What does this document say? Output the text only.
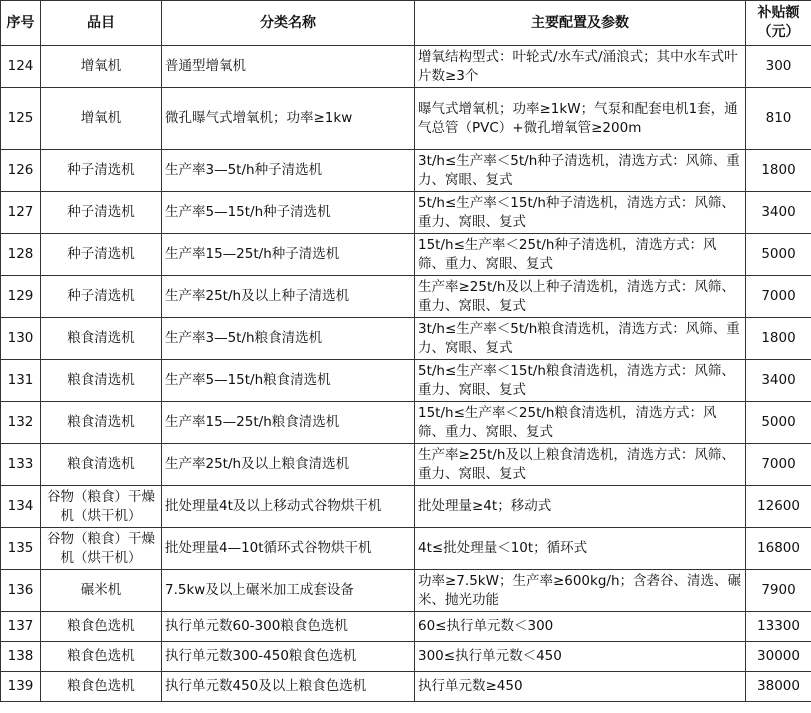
序号	品目	分类名称	主要配置及参数	补贴额（元）
124	增氧机	普通型增氧机	增氧结构型式：叶轮式/水车式/涌浪式；其中水车式叶片数≥3个	300
125	增氧机	微孔曝气式增氧机；功率≥1kw	曝气式增氧机；功率≥1kW；气泵和配套电机1套，通气总管（PVC）+微孔增氧管≥200m	810
126	种子清选机	生产率3—5t/h种子清选机	3t/h≤生产率＜5t/h种子清选机，清选方式：风筛、重力、窝眼、复式	1800
127	种子清选机	生产率5—15t/h种子清选机	5t/h≤生产率＜15t/h种子清选机，清选方式：风筛、重力、窝眼、复式	3400
128	种子清选机	生产率15—25t/h种子清选机	15t/h≤生产率＜25t/h种子清选机，清选方式：风筛、重力、窝眼、复式	5000
129	种子清选机	生产率25t/h及以上种子清选机	生产率≥25t/h及以上种子清选机，清选方式：风筛、重力、窝眼、复式	7000
130	粮食清选机	生产率3—5t/h粮食清选机	3t/h≤生产率＜5t/h粮食清选机，清选方式：风筛、重力、窝眼、复式	1800
131	粮食清选机	生产率5—15t/h粮食清选机	5t/h≤生产率＜15t/h粮食清选机，清选方式：风筛、重力、窝眼、复式	3400
132	粮食清选机	生产率15—25t/h粮食清选机	15t/h≤生产率＜25t/h粮食清选机，清选方式：风筛、重力、窝眼、复式	5000
133	粮食清选机	生产率25t/h及以上粮食清选机	生产率≥25t/h及以上粮食清选机，清选方式：风筛、重力、窝眼、复式	7000
134	谷物（粮食）干燥机（烘干机）	批处理量4t及以上移动式谷物烘干机	批处理量≥4t；移动式	12600
135	谷物（粮食）干燥机（烘干机）	批处理量4—10t循环式谷物烘干机	4t≤批处理量＜10t；循环式	16800
136	碾米机	7.5kw及以上碾米加工成套设备	功率≥7.5kW；生产率≥600kg/h；含砻谷、清选、碾米、抛光功能	7900
137	粮食色选机	执行单元数60-300粮食色选机	60≤执行单元数＜300	13300
138	粮食色选机	执行单元数300-450粮食色选机	300≤执行单元数＜450	30000
139	粮食色选机	执行单元数450及以上粮食色选机	执行单元数≥450	38000
